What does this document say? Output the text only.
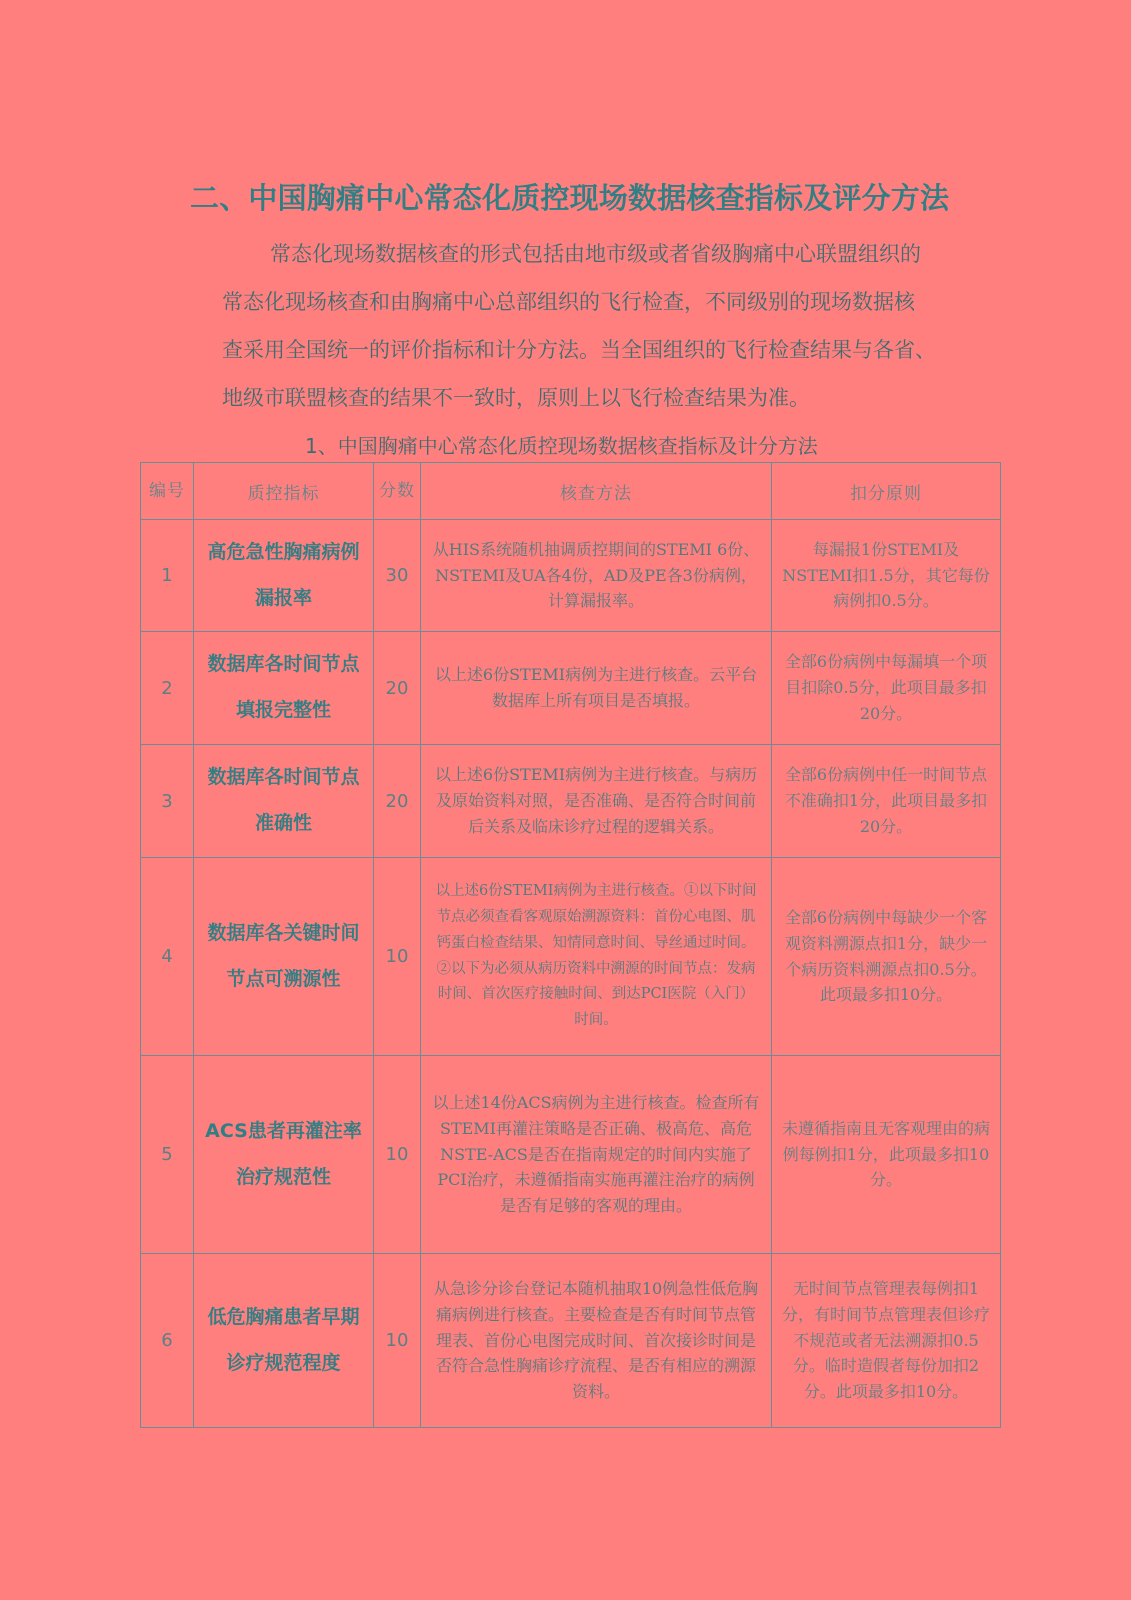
二、中国胸痛中心常态化质控现场数据核查指标及评分方法
常态化现场数据核查的形式包括由地市级或者省级胸痛中心联盟组织的
常态化现场核查和由胸痛中心总部组织的飞行检查，不同级别的现场数据核
查采用全国统一的评价指标和计分方法。当全国组织的飞行检查结果与各省、
地级市联盟核查的结果不一致时，原则上以飞行检查结果为准。
1、中国胸痛中心常态化质控现场数据核查指标及计分方法
编号	质控指标	分数	核查方法	扣分原则
1	高危急性胸痛病例漏报率	30	从HIS系统随机抽调质控期间的STEMI 6份、NSTEMI及UA各4份，AD及PE各3份病例，计算漏报率。	每漏报1份STEMI及NSTEMI扣1.5分，其它每份病例扣0.5分。
2	数据库各时间节点填报完整性	20	以上述6份STEMI病例为主进行核查。云平台数据库上所有项目是否填报。	全部6份病例中每漏填一个项目扣除0.5分，此项目最多扣20分。
3	数据库各时间节点准确性	20	以上述6份STEMI病例为主进行核查。与病历及原始资料对照，是否准确、是否符合时间前后关系及临床诊疗过程的逻辑关系。	全部6份病例中任一时间节点不准确扣1分，此项目最多扣20分。
4	数据库各关键时间节点可溯源性	10	以上述6份STEMI病例为主进行核查。①以下时间节点必须查看客观原始溯源资料：首份心电图、肌钙蛋白检查结果、知情同意时间、导丝通过时间。②以下为必须从病历资料中溯源的时间节点：发病时间、首次医疗接触时间、到达PCI医院（入门）时间。	全部6份病例中每缺少一个客观资料溯源点扣1分，缺少一个病历资料溯源点扣0.5分。此项最多扣10分。
5	ACS患者再灌注率治疗规范性	10	以上述14份ACS病例为主进行核查。检查所有STEMI再灌注策略是否正确、极高危、高危NSTE-ACS是否在指南规定的时间内实施了PCI治疗，未遵循指南实施再灌注治疗的病例是否有足够的客观的理由。	未遵循指南且无客观理由的病例每例扣1分，此项最多扣10分。
6	低危胸痛患者早期诊疗规范程度	10	从急诊分诊台登记本随机抽取10例急性低危胸痛病例进行核查。主要检查是否有时间节点管理表、首份心电图完成时间、首次接诊时间是否符合急性胸痛诊疗流程、是否有相应的溯源资料。	无时间节点管理表每例扣1分，有时间节点管理表但诊疗不规范或者无法溯源扣0.5分。临时造假者每份加扣2分。此项最多扣10分。
